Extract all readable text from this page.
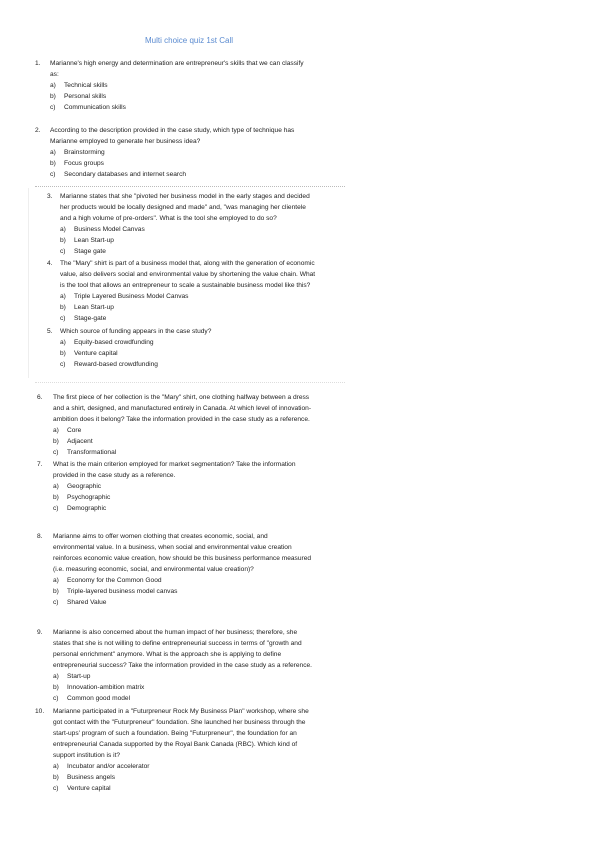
Multi choice quiz 1st Call
1. Marianne's high energy and determination are entrepreneur's skills that we can classify
as:
a) Technical skills
b) Personal skills
c) Communication skills
2. According to the description provided in the case study, which type of technique has
Marianne employed to generate her business idea?
a) Brainstorming
b) Focus groups
c) Secondary databases and internet search
3. Marianne states that she "pivoted her business model in the early stages and decided
her products would be locally designed and made" and, "was managing her clientele
and a high volume of pre-orders". What is the tool she employed to do so?
a) Business Model Canvas
b) Lean Start-up
c) Stage gate
4. The "Mary" shirt is part of a business model that, along with the generation of economic
value, also delivers social and environmental value by shortening the value chain. What
is the tool that allows an entrepreneur to scale a sustainable business model like this?
a) Triple Layered Business Model Canvas
b) Lean Start-up
c) Stage-gate
5. Which source of funding appears in the case study?
a) Equity-based crowdfunding
b) Venture capital
c) Reward-based crowdfunding
6. The first piece of her collection is the "Mary" shirt, one clothing halfway between a dress
and a shirt, designed, and manufactured entirely in Canada. At which level of innovation-
ambition does it belong? Take the information provided in the case study as a reference.
a) Core
b) Adjacent
c) Transformational
7. What is the main criterion employed for market segmentation? Take the information
provided in the case study as a reference.
a) Geographic
b) Psychographic
c) Demographic
8. Marianne aims to offer women clothing that creates economic, social, and
environmental value. In a business, when social and environmental value creation
reinforces economic value creation, how should be this business performance measured
(i.e. measuring economic, social, and environmental value creation)?
a) Economy for the Common Good
b) Triple-layered business model canvas
c) Shared Value
9. Marianne is also concerned about the human impact of her business; therefore, she
states that she is not willing to define entrepreneurial success in terms of "growth and
personal enrichment" anymore. What is the approach she is applying to define
entrepreneurial success? Take the information provided in the case study as a reference.
a) Start-up
b) Innovation-ambition matrix
c) Common good model
10. Marianne participated in a "Futurpreneur Rock My Business Plan" workshop, where she
got contact with the "Futurpreneur" foundation. She launched her business through the
start-ups' program of such a foundation. Being "Futurpreneur", the foundation for an
entrepreneurial Canada supported by the Royal Bank Canada (RBC). Which kind of
support institution is it?
a) Incubator and/or accelerator
b) Business angels
c) Venture capital
